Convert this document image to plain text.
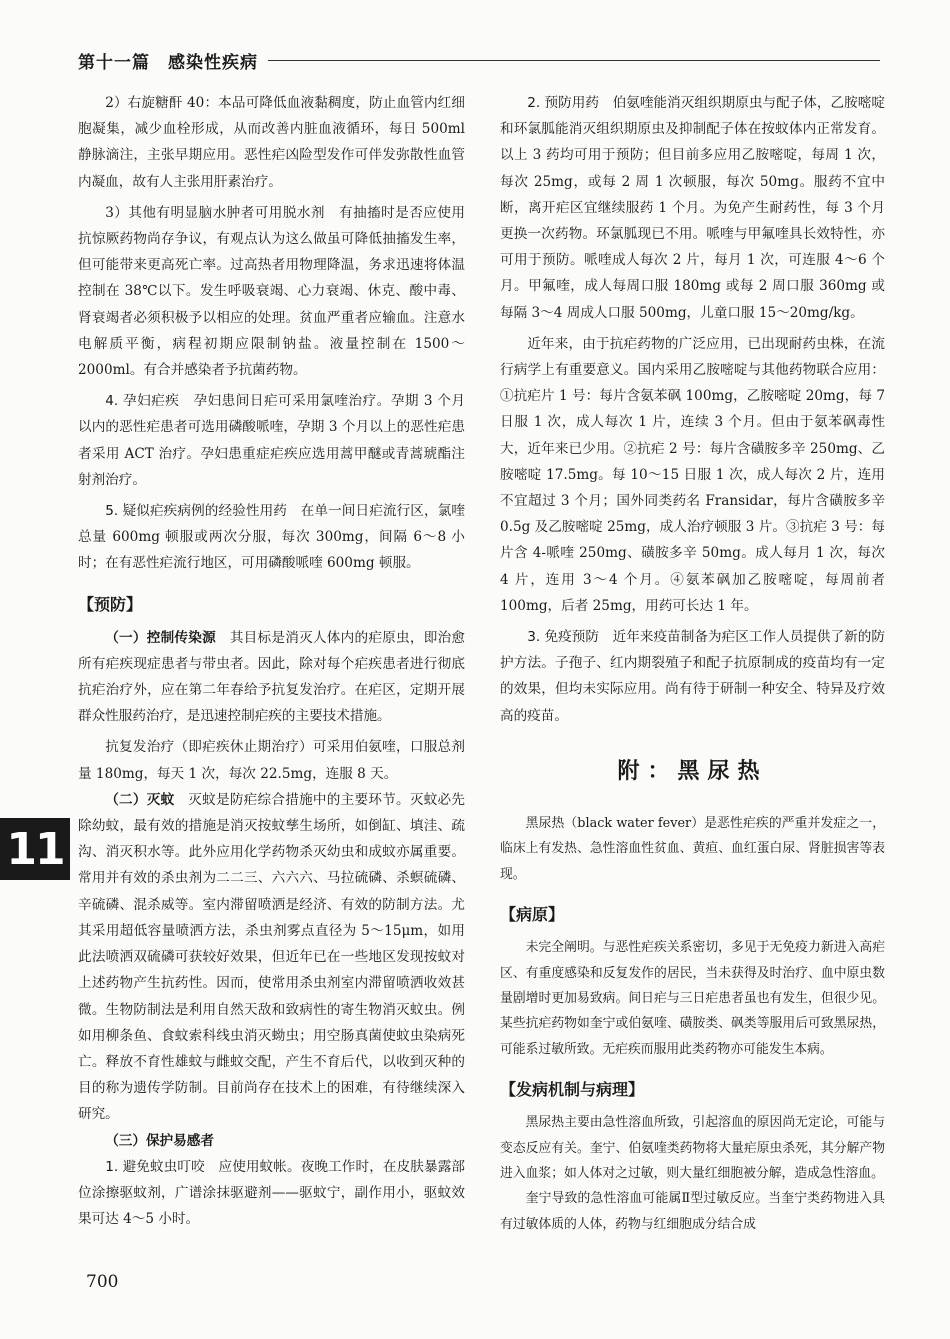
第十一篇　感染性疾病

2）右旋糖酐 40：本品可降低血液黏稠度，防止血管内红细胞凝集，减少血栓形成，从而改善内脏血液循环，每日 500ml 静脉滴注，主张早期应用。恶性疟凶险型发作可伴发弥散性血管内凝血，故有人主张用肝素治疗。

3）其他有明显脑水肿者可用脱水剂　有抽搐时是否应使用抗惊厥药物尚存争议，有观点认为这么做虽可降低抽搐发生率，但可能带来更高死亡率。过高热者用物理降温，务求迅速将体温控制在 38℃以下。发生呼吸衰竭、心力衰竭、休克、酸中毒、肾衰竭者必须积极予以相应的处理。贫血严重者应输血。注意水电解质平衡，病程初期应限制钠盐。液量控制在 1500～2000ml。有合并感染者予抗菌药物。

4. 孕妇疟疾　孕妇患间日疟可采用氯喹治疗。孕期 3 个月以内的恶性疟患者可选用磷酸哌喹，孕期 3 个月以上的恶性疟患者采用 ACT 治疗。孕妇患重症疟疾应选用蒿甲醚或青蒿琥酯注射剂治疗。

5. 疑似疟疾病例的经验性用药　在单一间日疟流行区，氯喹总量 600mg 顿服或两次分服，每次 300mg，间隔 6～8 小时；在有恶性疟流行地区，可用磷酸哌喹 600mg 顿服。

【预防】

（一）控制传染源　其目标是消灭人体内的疟原虫，即治愈所有疟疾现症患者与带虫者。因此，除对每个疟疾患者进行彻底抗疟治疗外，应在第二年春给予抗复发治疗。在疟区，定期开展群众性服药治疗，是迅速控制疟疾的主要技术措施。

抗复发治疗（即疟疾休止期治疗）可采用伯氨喹，口服总剂量 180mg，每天 1 次，每次 22.5mg，连服 8 天。

（二）灭蚊　灭蚊是防疟综合措施中的主要环节。灭蚊必先除幼蚊，最有效的措施是消灭按蚊孳生场所，如倒缸、填洼、疏沟、消灭积水等。此外应用化学药物杀灭幼虫和成蚊亦属重要。常用并有效的杀虫剂为二二三、六六六、马拉硫磷、杀螟硫磷、辛硫磷、混杀威等。室内滞留喷洒是经济、有效的防制方法。尤其采用超低容量喷洒方法，杀虫剂雾点直径为 5～15μm，如用此法喷洒双硫磷可获较好效果，但近年已在一些地区发现按蚊对上述药物产生抗药性。因而，使常用杀虫剂室内滞留喷洒收效甚微。生物防制法是利用自然天敌和致病性的寄生物消灭蚊虫。例如用柳条鱼、食蚊索科线虫消灭蚴虫；用空肠真菌使蚊虫染病死亡。释放不育性雄蚊与雌蚊交配，产生不育后代，以收到灭种的目的称为遗传学防制。目前尚存在技术上的困难，有待继续深入研究。

（三）保护易感者

1. 避免蚊虫叮咬　应使用蚊帐。夜晚工作时，在皮肤暴露部位涂擦驱蚊剂，广谱涂抹驱避剂——驱蚊宁，副作用小，驱蚊效果可达 4～5 小时。

2. 预防用药　伯氨喹能消灭组织期原虫与配子体，乙胺嘧啶和环氯胍能消灭组织期原虫及抑制配子体在按蚊体内正常发育。以上 3 药均可用于预防；但目前多应用乙胺嘧啶，每周 1 次，每次 25mg，或每 2 周 1 次顿服，每次 50mg。服药不宜中断，离开疟区宜继续服药 1 个月。为免产生耐药性，每 3 个月更换一次药物。环氯胍现已不用。哌喹与甲氟喹具长效特性，亦可用于预防。哌喹成人每次 2 片，每月 1 次，可连服 4～6 个月。甲氟喹，成人每周口服 180mg 或每 2 周口服 360mg 或每隔 3～4 周成人口服 500mg，儿童口服 15～20mg/kg。

近年来，由于抗疟药物的广泛应用，已出现耐药虫株，在流行病学上有重要意义。国内采用乙胺嘧啶与其他药物联合应用：①抗疟片 1 号：每片含氨苯砜 100mg，乙胺嘧啶 20mg，每 7 日服 1 次，成人每次 1 片，连续 3 个月。但由于氨苯砜毒性大，近年来已少用。②抗疟 2 号：每片含磺胺多辛 250mg、乙胺嘧啶 17.5mg。每 10～15 日服 1 次，成人每次 2 片，连用不宜超过 3 个月；国外同类药名 Fransidar，每片含磺胺多辛 0.5g 及乙胺嘧啶 25mg，成人治疗顿服 3 片。③抗疟 3 号：每片含 4-哌喹 250mg、磺胺多辛 50mg。成人每月 1 次，每次 4 片，连用 3～4 个月。④氨苯砜加乙胺嘧啶，每周前者 100mg，后者 25mg，用药可长达 1 年。

3. 免疫预防　近年来疫苗制备为疟区工作人员提供了新的防护方法。子孢子、红内期裂殖子和配子抗原制成的疫苗均有一定的效果，但均未实际应用。尚有待于研制一种安全、特异及疗效高的疫苗。

附：黑尿热

黑尿热（black water fever）是恶性疟疾的严重并发症之一，临床上有发热、急性溶血性贫血、黄疸、血红蛋白尿、肾脏损害等表现。

【病原】

未完全阐明。与恶性疟疾关系密切，多见于无免疫力新进入高疟区、有重度感染和反复发作的居民，当未获得及时治疗、血中原虫数量剧增时更加易致病。间日疟与三日疟患者虽也有发生，但很少见。某些抗疟药物如奎宁或伯氨喹、磺胺类、砜类等服用后可致黑尿热，可能系过敏所致。无疟疾而服用此类药物亦可能发生本病。

【发病机制与病理】

黑尿热主要由急性溶血所致，引起溶血的原因尚无定论，可能与变态反应有关。奎宁、伯氨喹类药物将大量疟原虫杀死，其分解产物进入血浆；如人体对之过敏，则大量红细胞被分解，造成急性溶血。

奎宁导致的急性溶血可能属Ⅱ型过敏反应。当奎宁类药物进入具有过敏体质的人体，药物与红细胞成分结合成

11
700
